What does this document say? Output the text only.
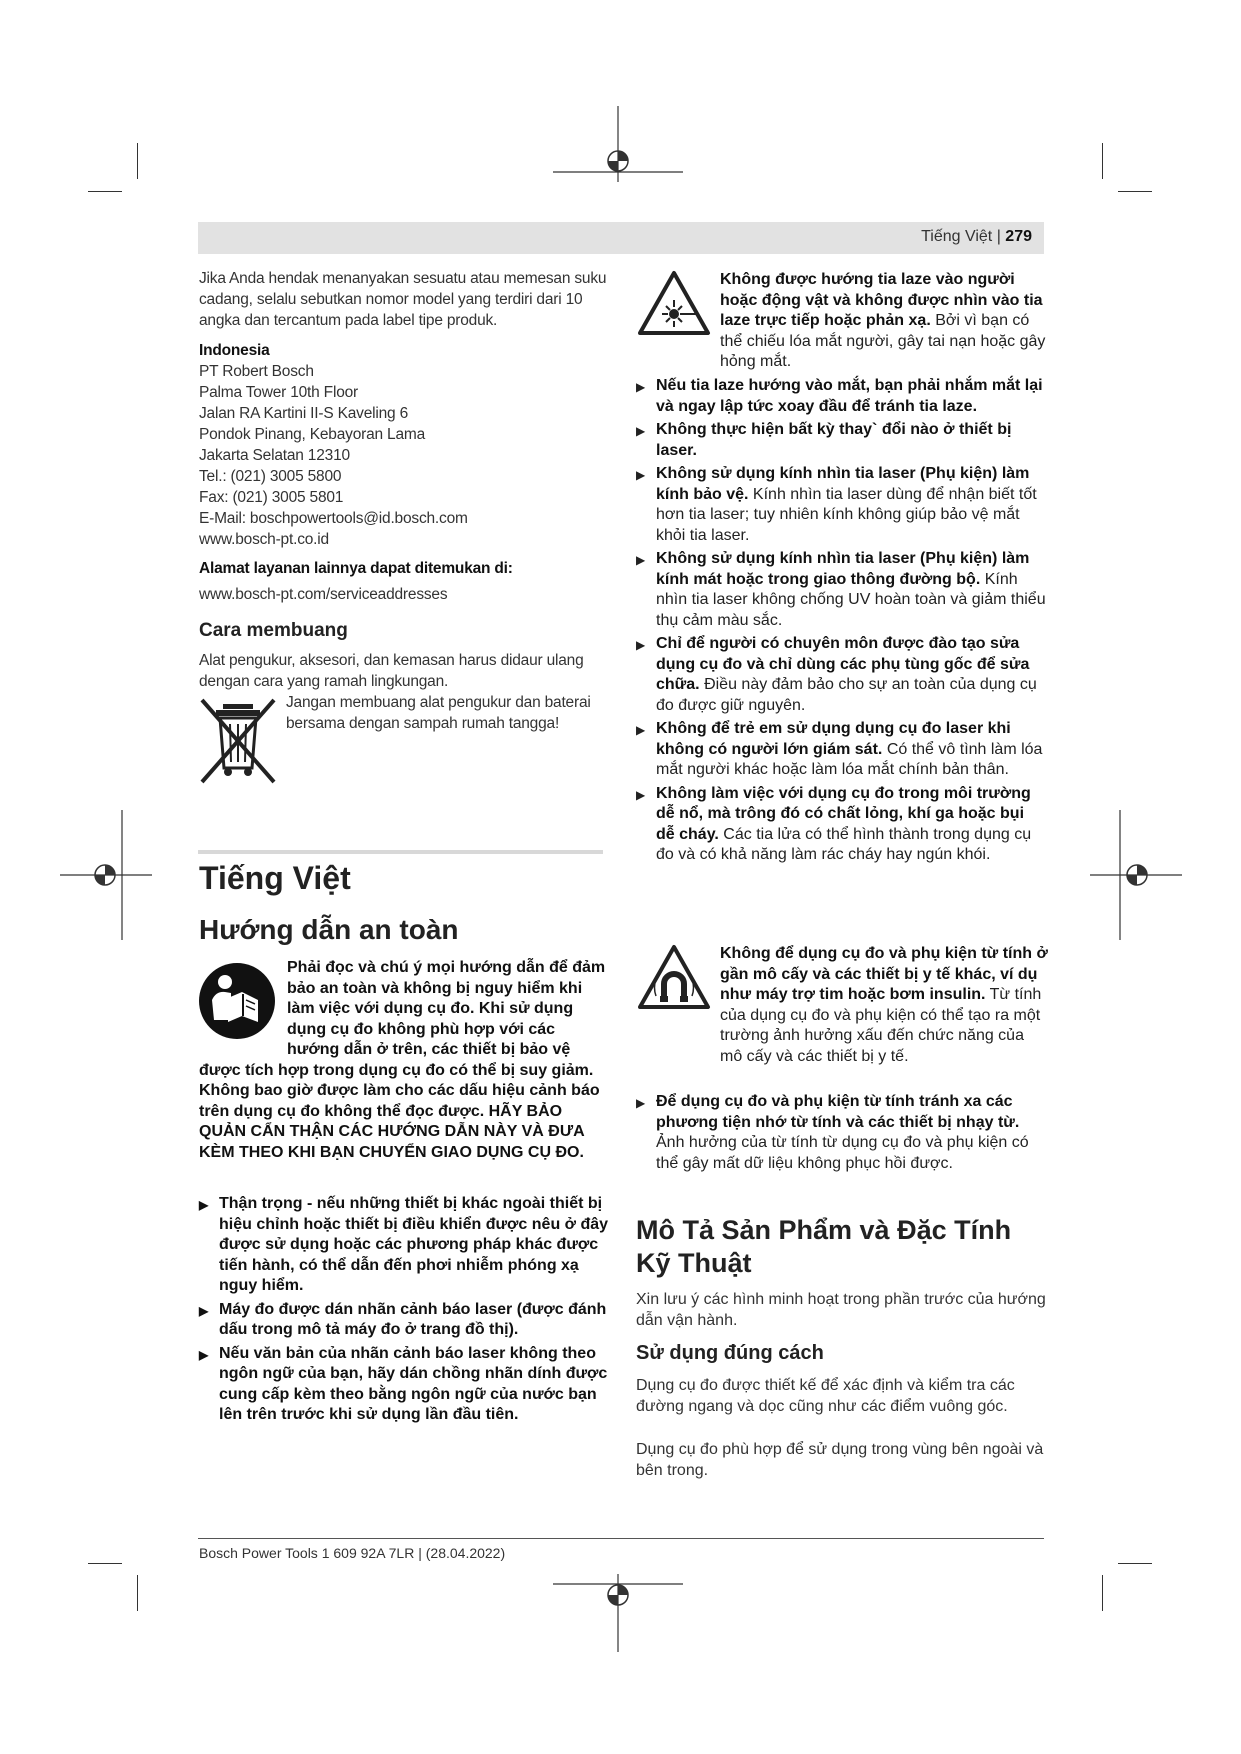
Tiếng Việt | 279
Jika Anda hendak menanyakan sesuatu atau memesan suku cadang, selalu sebutkan nomor model yang terdiri dari 10 angka dan tercantum pada label tipe produk.
Indonesia
PT Robert Bosch
Palma Tower 10th Floor
Jalan RA Kartini II-S Kaveling 6
Pondok Pinang, Kebayoran Lama
Jakarta Selatan 12310
Tel.: (021) 3005 5800
Fax: (021) 3005 5801
E-Mail: boschpowertools@id.bosch.com
www.bosch-pt.co.id
Alamat layanan lainnya dapat ditemukan di:
www.bosch-pt.com/serviceaddresses
Cara membuang
Alat pengukur, aksesori, dan kemasan harus didaur ulang dengan cara yang ramah lingkungan.
Jangan membuang alat pengukur dan baterai bersama dengan sampah rumah tangga!
Tiếng Việt
Hướng dẫn an toàn
Phải đọc và chú ý mọi hướng dẫn để đảm bảo an toàn và không bị nguy hiểm khi làm việc với dụng cụ đo. Khi sử dụng dụng cụ đo không phù hợp với các hướng dẫn ở trên, các thiết bị bảo vệ được tích hợp trong dụng cụ đo có thể bị suy giảm. Không bao giờ được làm cho các dấu hiệu cảnh báo trên dụng cụ đo không thể đọc được. HÃY BẢO QUẢN CẨN THẬN CÁC HƯỚNG DẪN NÀY VÀ ĐƯA KÈM THEO KHI BẠN CHUYỂN GIAO DỤNG CỤ ĐO.
▶ Thận trọng - nếu những thiết bị khác ngoài thiết bị hiệu chỉnh hoặc thiết bị điều khiển được nêu ở đây được sử dụng hoặc các phương pháp khác được tiến hành, có thể dẫn đến phơi nhiễm phóng xạ nguy hiểm.
▶ Máy đo được dán nhãn cảnh báo laser (được đánh dấu trong mô tả máy đo ở trang đồ thị).
▶ Nếu văn bản của nhãn cảnh báo laser không theo ngôn ngữ của bạn, hãy dán chồng nhãn dính được cung cấp kèm theo bằng ngôn ngữ của nước bạn lên trên trước khi sử dụng lần đầu tiên.
Không được hướng tia laze vào người hoặc động vật và không được nhìn vào tia laze trực tiếp hoặc phản xạ. Bởi vì bạn có thể chiếu lóa mắt người, gây tai nạn hoặc gây hỏng mắt.
▶ Nếu tia laze hướng vào mắt, bạn phải nhắm mắt lại và ngay lập tức xoay đầu để tránh tia laze.
▶ Không thực hiện bất kỳ thay` đổi nào ở thiết bị laser.
▶ Không sử dụng kính nhìn tia laser (Phụ kiện) làm kính bảo vệ. Kính nhìn tia laser dùng để nhận biết tốt hơn tia laser; tuy nhiên kính không giúp bảo vệ mắt khỏi tia laser.
▶ Không sử dụng kính nhìn tia laser (Phụ kiện) làm kính mát hoặc trong giao thông đường bộ. Kính nhìn tia laser không chống UV hoàn toàn và giảm thiểu thụ cảm màu sắc.
▶ Chỉ để người có chuyên môn được đào tạo sửa dụng cụ đo và chỉ dùng các phụ tùng gốc để sửa chữa. Điều này đảm bảo cho sự an toàn của dụng cụ đo được giữ nguyên.
▶ Không để trẻ em sử dụng dụng cụ đo laser khi không có người lớn giám sát. Có thể vô tình làm lóa mắt người khác hoặc làm lóa mắt chính bản thân.
▶ Không làm việc với dụng cụ đo trong môi trường dễ nổ, mà trông đó có chất lỏng, khí ga hoặc bụi dễ cháy. Các tia lửa có thể hình thành trong dụng cụ đo và có khả năng làm rác cháy hay ngún khói.
Không để dụng cụ đo và phụ kiện từ tính ở gần mô cấy và các thiết bị y tế khác, ví dụ như máy trợ tim hoặc bơm insulin. Từ tính của dụng cụ đo và phụ kiện có thể tạo ra một trường ảnh hưởng xấu đến chức năng của mô cấy và các thiết bị y tế.
▶ Để dụng cụ đo và phụ kiện từ tính tránh xa các phương tiện nhớ từ tính và các thiết bị nhạy từ. Ảnh hưởng của từ tính từ dụng cụ đo và phụ kiện có thể gây mất dữ liệu không phục hồi được.
Mô Tả Sản Phẩm và Đặc Tính Kỹ Thuật
Xin lưu ý các hình minh hoạt trong phần trước của hướng dẫn vận hành.
Sử dụng đúng cách
Dụng cụ đo được thiết kế để xác định và kiểm tra các đường ngang và dọc cũng như các điểm vuông góc.
Dụng cụ đo phù hợp để sử dụng trong vùng bên ngoài và bên trong.
Bosch Power Tools 1 609 92A 7LR | (28.04.2022)
